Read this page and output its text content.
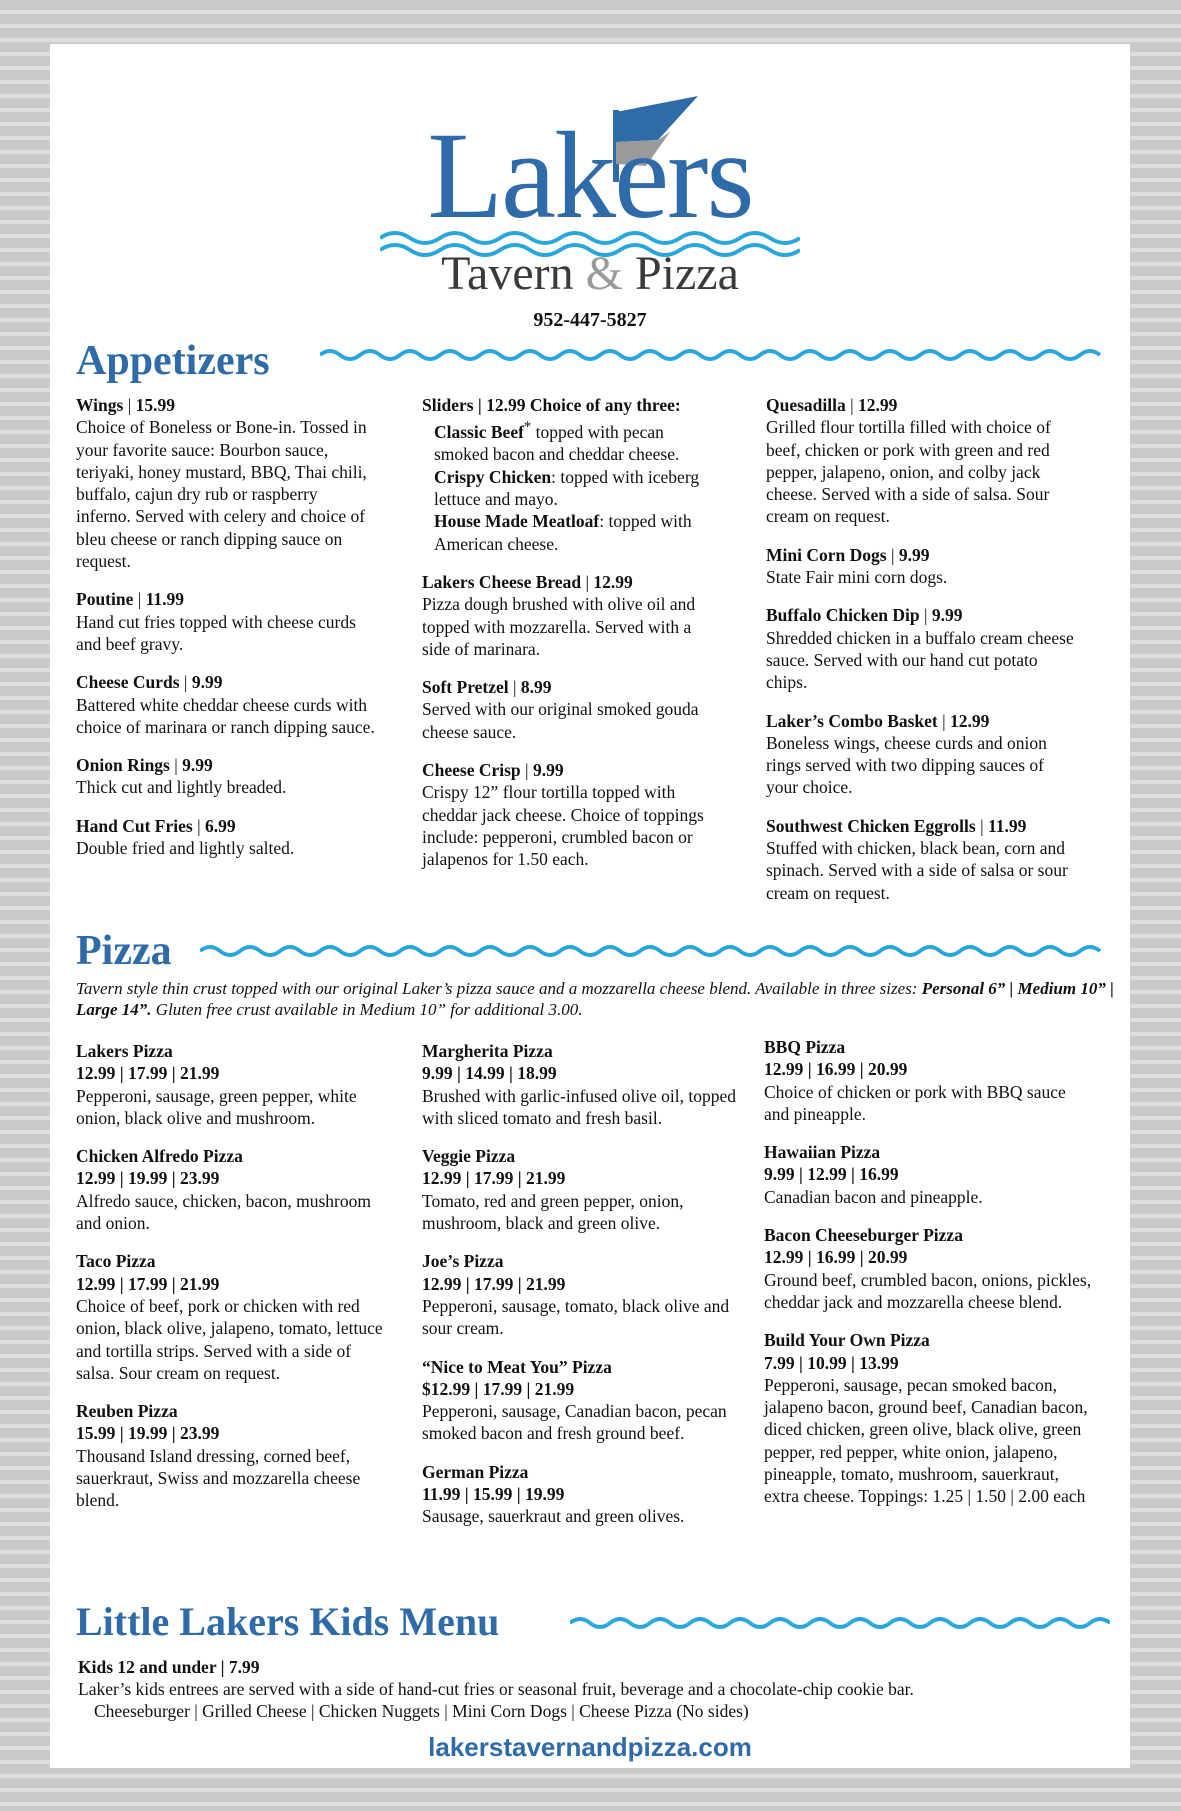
Lakers
Tavern & Pizza
952-447-5827
Appetizers
Wings | 15.99
Choice of Boneless or Bone-in. Tossed in your favorite sauce: Bourbon sauce, teriyaki, honey mustard, BBQ, Thai chili, buffalo, cajun dry rub or raspberry inferno. Served with celery and choice of bleu cheese or ranch dipping sauce on request.
Poutine | 11.99
Hand cut fries topped with cheese curds and beef gravy.
Cheese Curds | 9.99
Battered white cheddar cheese curds with choice of marinara or ranch dipping sauce.
Onion Rings | 9.99
Thick cut and lightly breaded.
Hand Cut Fries | 6.99
Double fried and lightly salted.
Sliders | 12.99 Choice of any three:
Classic Beef* topped with pecan smoked bacon and cheddar cheese.
Crispy Chicken: topped with iceberg lettuce and mayo.
House Made Meatloaf: topped with American cheese.
Lakers Cheese Bread | 12.99
Pizza dough brushed with olive oil and topped with mozzarella. Served with a side of marinara.
Soft Pretzel | 8.99
Served with our original smoked gouda cheese sauce.
Cheese Crisp | 9.99
Crispy 12” flour tortilla topped with cheddar jack cheese. Choice of toppings include: pepperoni, crumbled bacon or jalapenos for 1.50 each.
Quesadilla | 12.99
Grilled flour tortilla filled with choice of beef, chicken or pork with green and red pepper, jalapeno, onion, and colby jack cheese. Served with a side of salsa. Sour cream on request.
Mini Corn Dogs | 9.99
State Fair mini corn dogs.
Buffalo Chicken Dip | 9.99
Shredded chicken in a buffalo cream cheese sauce. Served with our hand cut potato chips.
Laker’s Combo Basket | 12.99
Boneless wings, cheese curds and onion rings served with two dipping sauces of your choice.
Southwest Chicken Eggrolls | 11.99
Stuffed with chicken, black bean, corn and spinach. Served with a side of salsa or sour cream on request.
Pizza
Tavern style thin crust topped with our original Laker’s pizza sauce and a mozzarella cheese blend. Available in three sizes: Personal 6” | Medium 10” | Large 14”. Gluten free crust available in Medium 10” for additional 3.00.
Lakers Pizza
12.99 | 17.99 | 21.99
Pepperoni, sausage, green pepper, white onion, black olive and mushroom.
Chicken Alfredo Pizza
12.99 | 19.99 | 23.99
Alfredo sauce, chicken, bacon, mushroom and onion.
Taco Pizza
12.99 | 17.99 | 21.99
Choice of beef, pork or chicken with red onion, black olive, jalapeno, tomato, lettuce and tortilla strips. Served with a side of salsa. Sour cream on request.
Reuben Pizza
15.99 | 19.99 | 23.99
Thousand Island dressing, corned beef, sauerkraut, Swiss and mozzarella cheese blend.
Margherita Pizza
9.99 | 14.99 | 18.99
Brushed with garlic-infused olive oil, topped with sliced tomato and fresh basil.
Veggie Pizza
12.99 | 17.99 | 21.99
Tomato, red and green pepper, onion, mushroom, black and green olive.
Joe’s Pizza
12.99 | 17.99 | 21.99
Pepperoni, sausage, tomato, black olive and sour cream.
“Nice to Meat You” Pizza
$12.99 | 17.99 | 21.99
Pepperoni, sausage, Canadian bacon, pecan smoked bacon and fresh ground beef.
German Pizza
11.99 | 15.99 | 19.99
Sausage, sauerkraut and green olives.
BBQ Pizza
12.99 | 16.99 | 20.99
Choice of chicken or pork with BBQ sauce and pineapple.
Hawaiian Pizza
9.99 | 12.99 | 16.99
Canadian bacon and pineapple.
Bacon Cheeseburger Pizza
12.99 | 16.99 | 20.99
Ground beef, crumbled bacon, onions, pickles, cheddar jack and mozzarella cheese blend.
Build Your Own Pizza
7.99 | 10.99 | 13.99
Pepperoni, sausage, pecan smoked bacon, jalapeno bacon, ground beef, Canadian bacon, diced chicken, green olive, black olive, green pepper, red pepper, white onion, jalapeno, pineapple, tomato, mushroom, sauerkraut, extra cheese. Toppings: 1.25 | 1.50 | 2.00 each
Little Lakers Kids Menu
Kids 12 and under | 7.99
Laker’s kids entrees are served with a side of hand-cut fries or seasonal fruit, beverage and a chocolate-chip cookie bar.
Cheeseburger | Grilled Cheese | Chicken Nuggets | Mini Corn Dogs | Cheese Pizza (No sides)
lakerstavernandpizza.com
